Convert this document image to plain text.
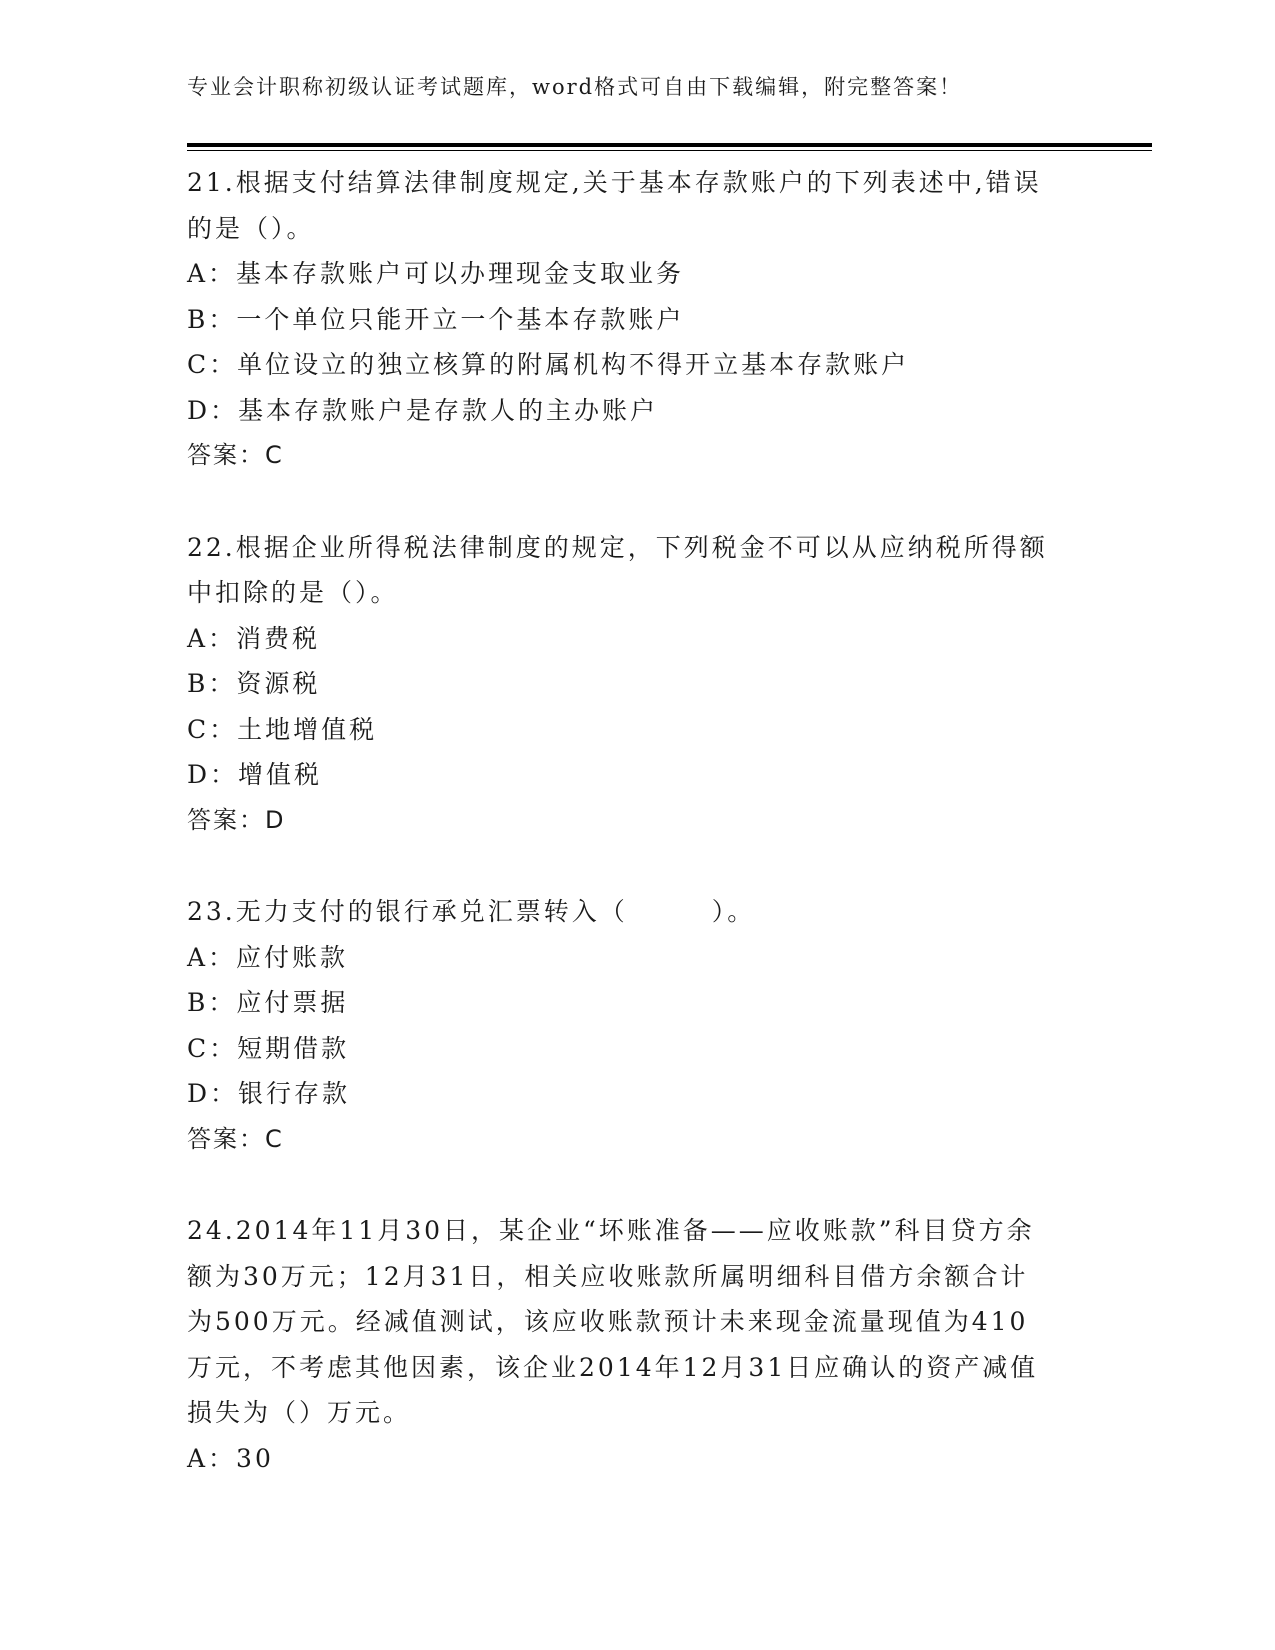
专业会计职称初级认证考试题库，word格式可自由下载编辑，附完整答案！
21.根据支付结算法律制度规定,关于基本存款账户的下列表述中,错误
的是（）。
A：基本存款账户可以办理现金支取业务
B：一个单位只能开立一个基本存款账户
C：单位设立的独立核算的附属机构不得开立基本存款账户
D：基本存款账户是存款人的主办账户
答案：C
22.根据企业所得税法律制度的规定，下列税金不可以从应纳税所得额
中扣除的是（）。
A：消费税
B：资源税
C：土地增值税
D：增值税
答案：D
23.无力支付的银行承兑汇票转入（　　　）。
A：应付账款
B：应付票据
C：短期借款
D：银行存款
答案：C
24.2014年11月30日，某企业“坏账准备——应收账款”科目贷方余
额为30万元；12月31日，相关应收账款所属明细科目借方余额合计
为500万元。经减值测试，该应收账款预计未来现金流量现值为410
万元，不考虑其他因素，该企业2014年12月31日应确认的资产减值
损失为（）万元。
A：30
